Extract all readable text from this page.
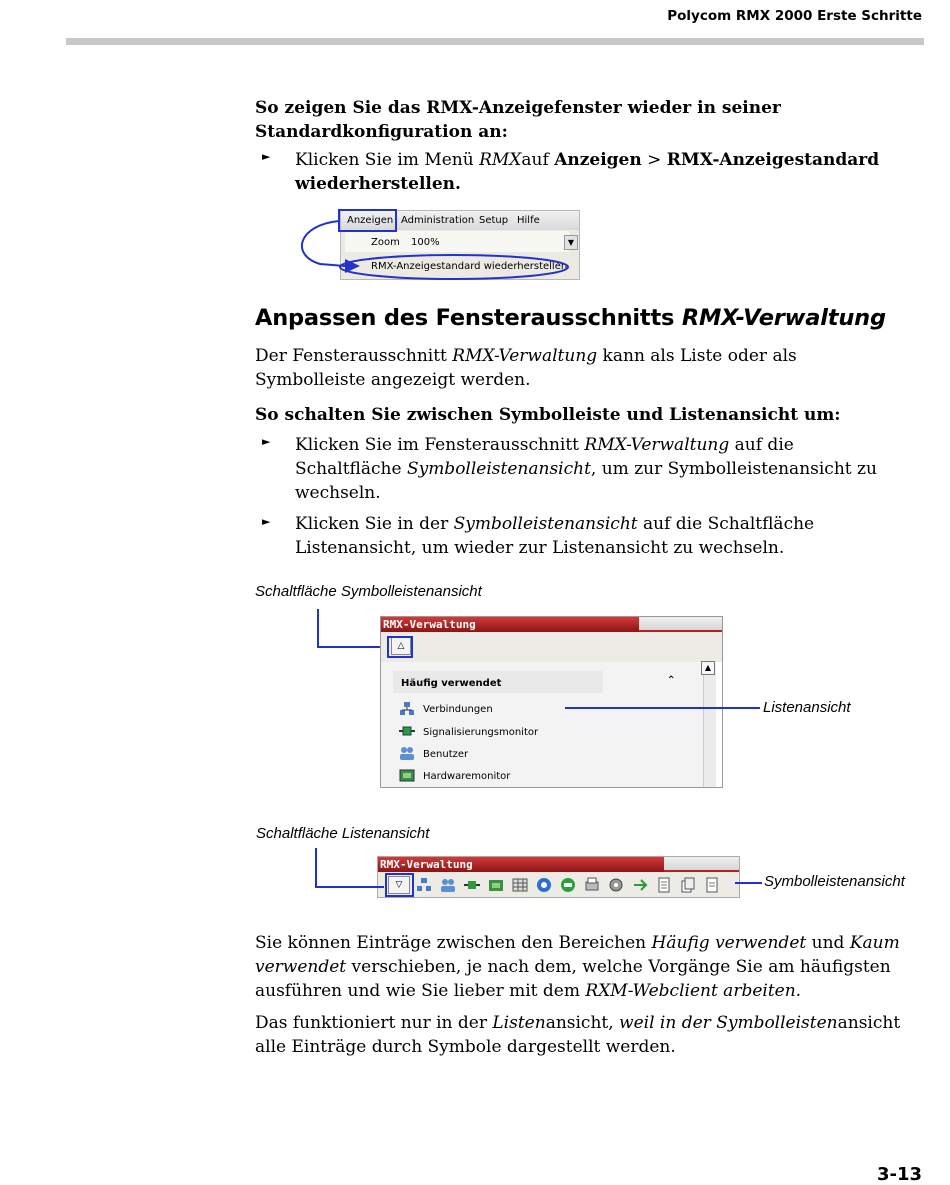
Polycom RMX 2000 Erste Schritte
So zeigen Sie das RMX-Anzeigefenster wieder in seiner
Standardkonfiguration an:
► Klicken Sie im Menü RMXauf Anzeigen > RMX-Anzeigestandard
wiederherstellen.
Anzeigen Administration Setup Hilfe
Zoom 100%	▼
RMX-Anzeigestandard wiederherstellen
Anpassen des Fensterausschnitts RMX-Verwaltung
Der Fensterausschnitt RMX-Verwaltung kann als Liste oder als
Symbolleiste angezeigt werden.
So schalten Sie zwischen Symbolleiste und Listenansicht um:
► Klicken Sie im Fensterausschnitt RMX-Verwaltung auf die
Schaltfläche Symbolleistenansicht, um zur Symbolleistenansicht zu
wechseln.
► Klicken Sie in der Symbolleistenansicht auf die Schaltfläche
Listenansicht, um wieder zur Listenansicht zu wechseln.
Schaltfläche Symbolleistenansicht
RMX-Verwaltung
△
Häufig verwendet	⌃
Verbindungen
Signalisierungsmonitor
Benutzer
Hardwaremonitor
▲
Listenansicht
Schaltfläche Listenansicht
RMX-Verwaltung
▽	Symbolleistenansicht
Sie können Einträge zwischen den Bereichen Häufig verwendet und Kaum
verwendet verschieben, je nach dem, welche Vorgänge Sie am häufigsten
ausführen und wie Sie lieber mit dem RXM-Webclient arbeiten.
Das funktioniert nur in der Listenansicht, weil in der Symbolleistenansicht
alle Einträge durch Symbole dargestellt werden.
3-13
